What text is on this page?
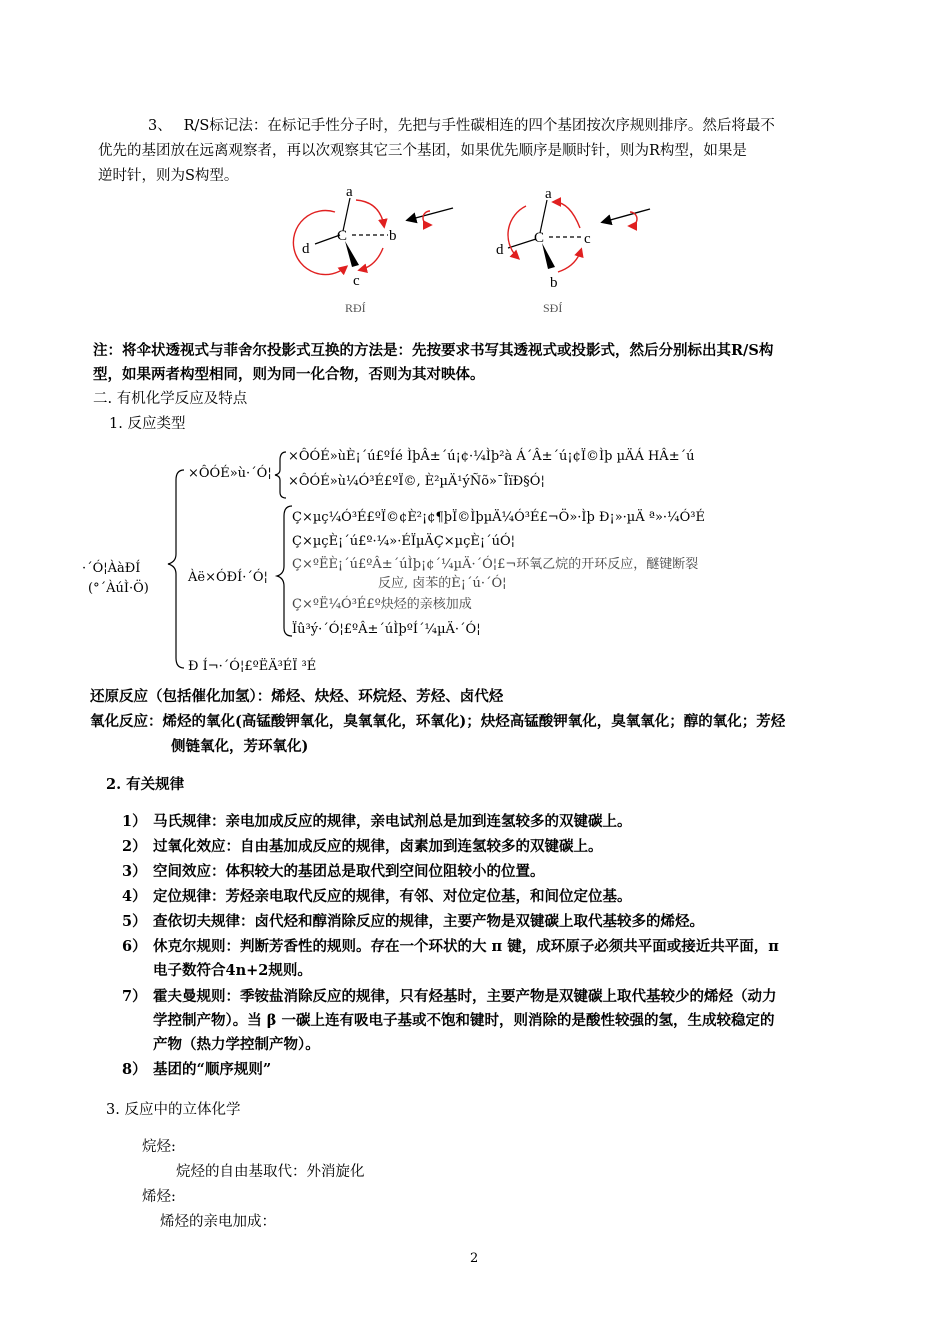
3、　 R/S标记法：在标记手性分子时，先把与手性碳相连的四个基团按次序规则排序。然后将最不
优先的基团放在远离观察者，再以次观察其它三个基团，如果优先顺序是顺时针，则为R构型，如果是
逆时针，则为S构型。
a
C	b
d
c
RÐÍ
a
C	c
d
b
SÐÍ
注：将伞状透视式与菲舍尔投影式互换的方法是：先按要求书写其透视式或投影式，然后分别标出其R/S构
型，如果两者构型相同，则为同一化合物，否则为其对映体。
二. 有机化学反应及特点
1. 反应类型
·´Ó¦ÀàÐÍ
(°´ÀúÌ·Ö)
×ÔÓÉ»ù·´Ó¦
×ÔÓÉ»ùÈ¡´ú£ºÍé ÌþÂ±´ú¡¢·¼Ìþ²à Á´Â±´ú¡¢Ï©Ìþ µÄÁ HÂ±´ú
×ÔÓÉ»ù¼Ó³É£ºÏ©, È²µÄ¹ýÑõ»¯ÎïÐ§Ó¦
Àë×ÓÐÍ·´Ó¦
Ç×µç¼Ó³É£ºÏ©¢È²¡¢¶þÏ©ÌþµÄ¼Ó³É£¬Ö»·Ìþ Ð¡»·µÄ ª»·¼Ó³É
Ç×µçÈ¡´ú£º·¼»·ÉÏµÄÇ×µçÈ¡´úÓ¦
Ç×ºËÈ¡´ú£ºÂ±´úÌþ¡¢´¼µÄ·´Ó¦£¬环氧乙烷的开环反应，醚键断裂
反应, 卤苯的È¡´ú·´Ó¦
Ç×ºË¼Ó³É£º炔烃的亲核加成
Ïû³ý·´Ó¦£ºÂ±´úÌþºÍ´¼µÄ·´Ó¦
Ð Í¬·´Ó¦£ºËÄ³ÉÏ ³É
还原反应（包括催化加氢）：烯烃、炔烃、环烷烃、芳烃、卤代烃
氧化反应：烯烃的氧化(高锰酸钾氧化，臭氧氧化，环氧化)；炔烃高锰酸钾氧化，臭氧氧化；醇的氧化；芳烃
侧链氧化，芳环氧化)
2. 有关规律
1） 马氏规律：亲电加成反应的规律，亲电试剂总是加到连氢较多的双键碳上。
2） 过氧化效应：自由基加成反应的规律，卤素加到连氢较多的双键碳上。
3） 空间效应：体积较大的基团总是取代到空间位阻较小的位置。
4） 定位规律：芳烃亲电取代反应的规律，有邻、对位定位基，和间位定位基。
5） 查依切夫规律：卤代烃和醇消除反应的规律，主要产物是双键碳上取代基较多的烯烃。
6） 休克尔规则：判断芳香性的规则。存在一个环状的大 π 键，成环原子必须共平面或接近共平面，π
电子数符合4n+2规则。
7） 霍夫曼规则：季铵盐消除反应的规律，只有烃基时，主要产物是双键碳上取代基较少的烯烃（动力
学控制产物）。当 β 一碳上连有吸电子基或不饱和键时，则消除的是酸性较强的氢，生成较稳定的
产物（热力学控制产物）。
8） 基团的“顺序规则”
3. 反应中的立体化学
烷烃:
烷烃的自由基取代：外消旋化
烯烃:
烯烃的亲电加成：
2
